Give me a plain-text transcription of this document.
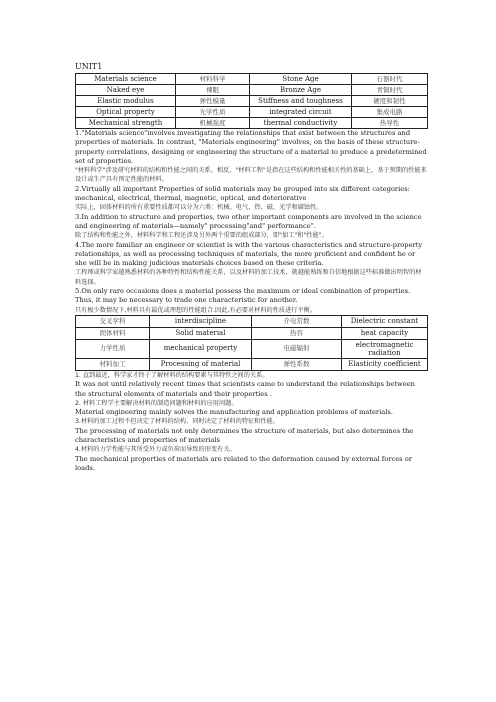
UNIT1
Materials science	材料科学	Stone Age	石器时代
Naked eye	裸眼	Bronze Age	青铜时代
Elastic modulus	弹性模量	Stiffness and toughness	硬度和韧性
Optical property	光学性质	integrated circuit	集成电路
Mechanical strength	机械强度	thermal conductivity	热导性

1."Materials science"involves investigating the relationships that exist between the structures and properties of materials. In contrast, "Materials engineering" involves, on the basis of these structure-property correlations, designing or engineering the structure of a material to produce a predetermined set of properties.

"材料科学"涉及研究材料的结构和性能之间的关系。相反，"材料工程"是指在这些结构和性能相关性的基础上，基于预期的性能来设计或生产具有预定性能的材料。

2.Virtually all important Properties of solid materials may be grouped into six different categories: mechanical, electrical, thermal, magnetic, optical, and deteriorative

实际上，固体材料的所有重要性质都可以分为六类：机械、电气、热、磁、光学和腐蚀性。

3.In addition to structure and properties, two other important components are involved in the science and engineering of materials—namely" processing"and" performance".

除了结构和性能之外，材料科学和工程还涉及另外两个重要的组成部分，即"加工"和"性能"。

4.The more familiar an engineer or scientist is with the various characteristics and structure-property relationships, as well as processing techniques of materials, the more proficient and confident he or she will be in making judicious materials choices based on these criteria.

工程师或科学家越熟悉材料的各种特性和结构性能关系，以及材料的加工技术，就越能熟练和自信地根据这些标准做出明智的材料选择。

5.On only rare occasions does a material possess the maximum or ideal combination of properties. Thus, it may be necessary to trade one characteristic for another.

只有极少数情况下,材料具有最优或理想的性能组合.因此,有必要对材料的性质进行平衡。

交叉学科	interdiscipline	介电常数	Dielectric constant
固体材料	Solid material	热容	heat capacity
力学性质	mechanical property	电磁辐射	electromagnetic radiation
材料加工	Processing of material	弹性系数	Elasticity coefficient

1. 直到最近，科学家才终于了解材料的结构要素与其特性之间的关系。

It was not until relatively recent times that scientists came to understand the relationships between the structural elements of materials and their properties .

2. 材料工程学主要解决材料的制造问题和材料的应用问题。

Material engineering mainly solves the manufacturing and application problems of materials.

3.材料的加工过程不但决定了材料的结构，同时决定了材料的特征和性能。

The processing of materials not only determines the structure of materials, but also determines the characteristics and properties of materials

4.材料的力学性能与其所受外力或负荷而导致的形变有关。

The mechanical properties of materials are related to the deformation caused by external forces or loads.
